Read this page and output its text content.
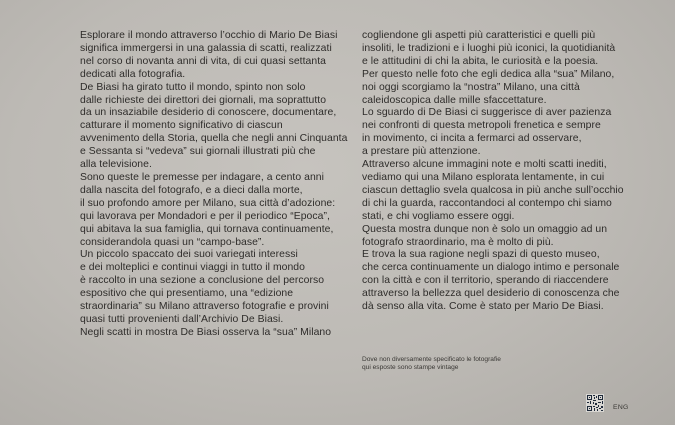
Esplorare il mondo attraverso l’occhio di Mario De Biasi
significa immergersi in una galassia di scatti, realizzati
nel corso di novanta anni di vita, di cui quasi settanta
dedicati alla fotografia.
De Biasi ha girato tutto il mondo, spinto non solo
dalle richieste dei direttori dei giornali, ma soprattutto
da un insaziabile desiderio di conoscere, documentare,
catturare il momento significativo di ciascun
avvenimento della Storia, quella che negli anni Cinquanta
e Sessanta si “vedeva” sui giornali illustrati più che
alla televisione.
Sono queste le premesse per indagare, a cento anni
dalla nascita del fotografo, e a dieci dalla morte,
il suo profondo amore per Milano, sua città d’adozione:
qui lavorava per Mondadori e per il periodico “Epoca”,
qui abitava la sua famiglia, qui tornava continuamente,
considerandola quasi un “campo-base”.
Un piccolo spaccato dei suoi variegati interessi
e dei molteplici e continui viaggi in tutto il mondo
è raccolto in una sezione a conclusione del percorso
espositivo che qui presentiamo, una “edizione
straordinaria” su Milano attraverso fotografie e provini
quasi tutti provenienti dall’Archivio De Biasi.
Negli scatti in mostra De Biasi osserva la “sua” Milano
cogliendone gli aspetti più caratteristici e quelli più
insoliti, le tradizioni e i luoghi più iconici, la quotidianità
e le attitudini di chi la abita, le curiosità e la poesia.
Per questo nelle foto che egli dedica alla “sua” Milano,
noi oggi scorgiamo la “nostra” Milano, una città
caleidoscopica dalle mille sfaccettature.
Lo sguardo di De Biasi ci suggerisce di aver pazienza
nei confronti di questa metropoli frenetica e sempre
in movimento, ci incita a fermarci ad osservare,
a prestare più attenzione.
Attraverso alcune immagini note e molti scatti inediti,
vediamo qui una Milano esplorata lentamente, in cui
ciascun dettaglio svela qualcosa in più anche sull’occhio
di chi la guarda, raccontandoci al contempo chi siamo
stati, e chi vogliamo essere oggi.
Questa mostra dunque non è solo un omaggio ad un
fotografo straordinario, ma è molto di più.
E trova la sua ragione negli spazi di questo museo,
che cerca continuamente un dialogo intimo e personale
con la città e con il territorio, sperando di riaccendere
attraverso la bellezza quel desiderio di conoscenza che
dà senso alla vita. Come è stato per Mario De Biasi.
Dove non diversamente specificato le fotografie
qui esposte sono stampe vintage
ENG
